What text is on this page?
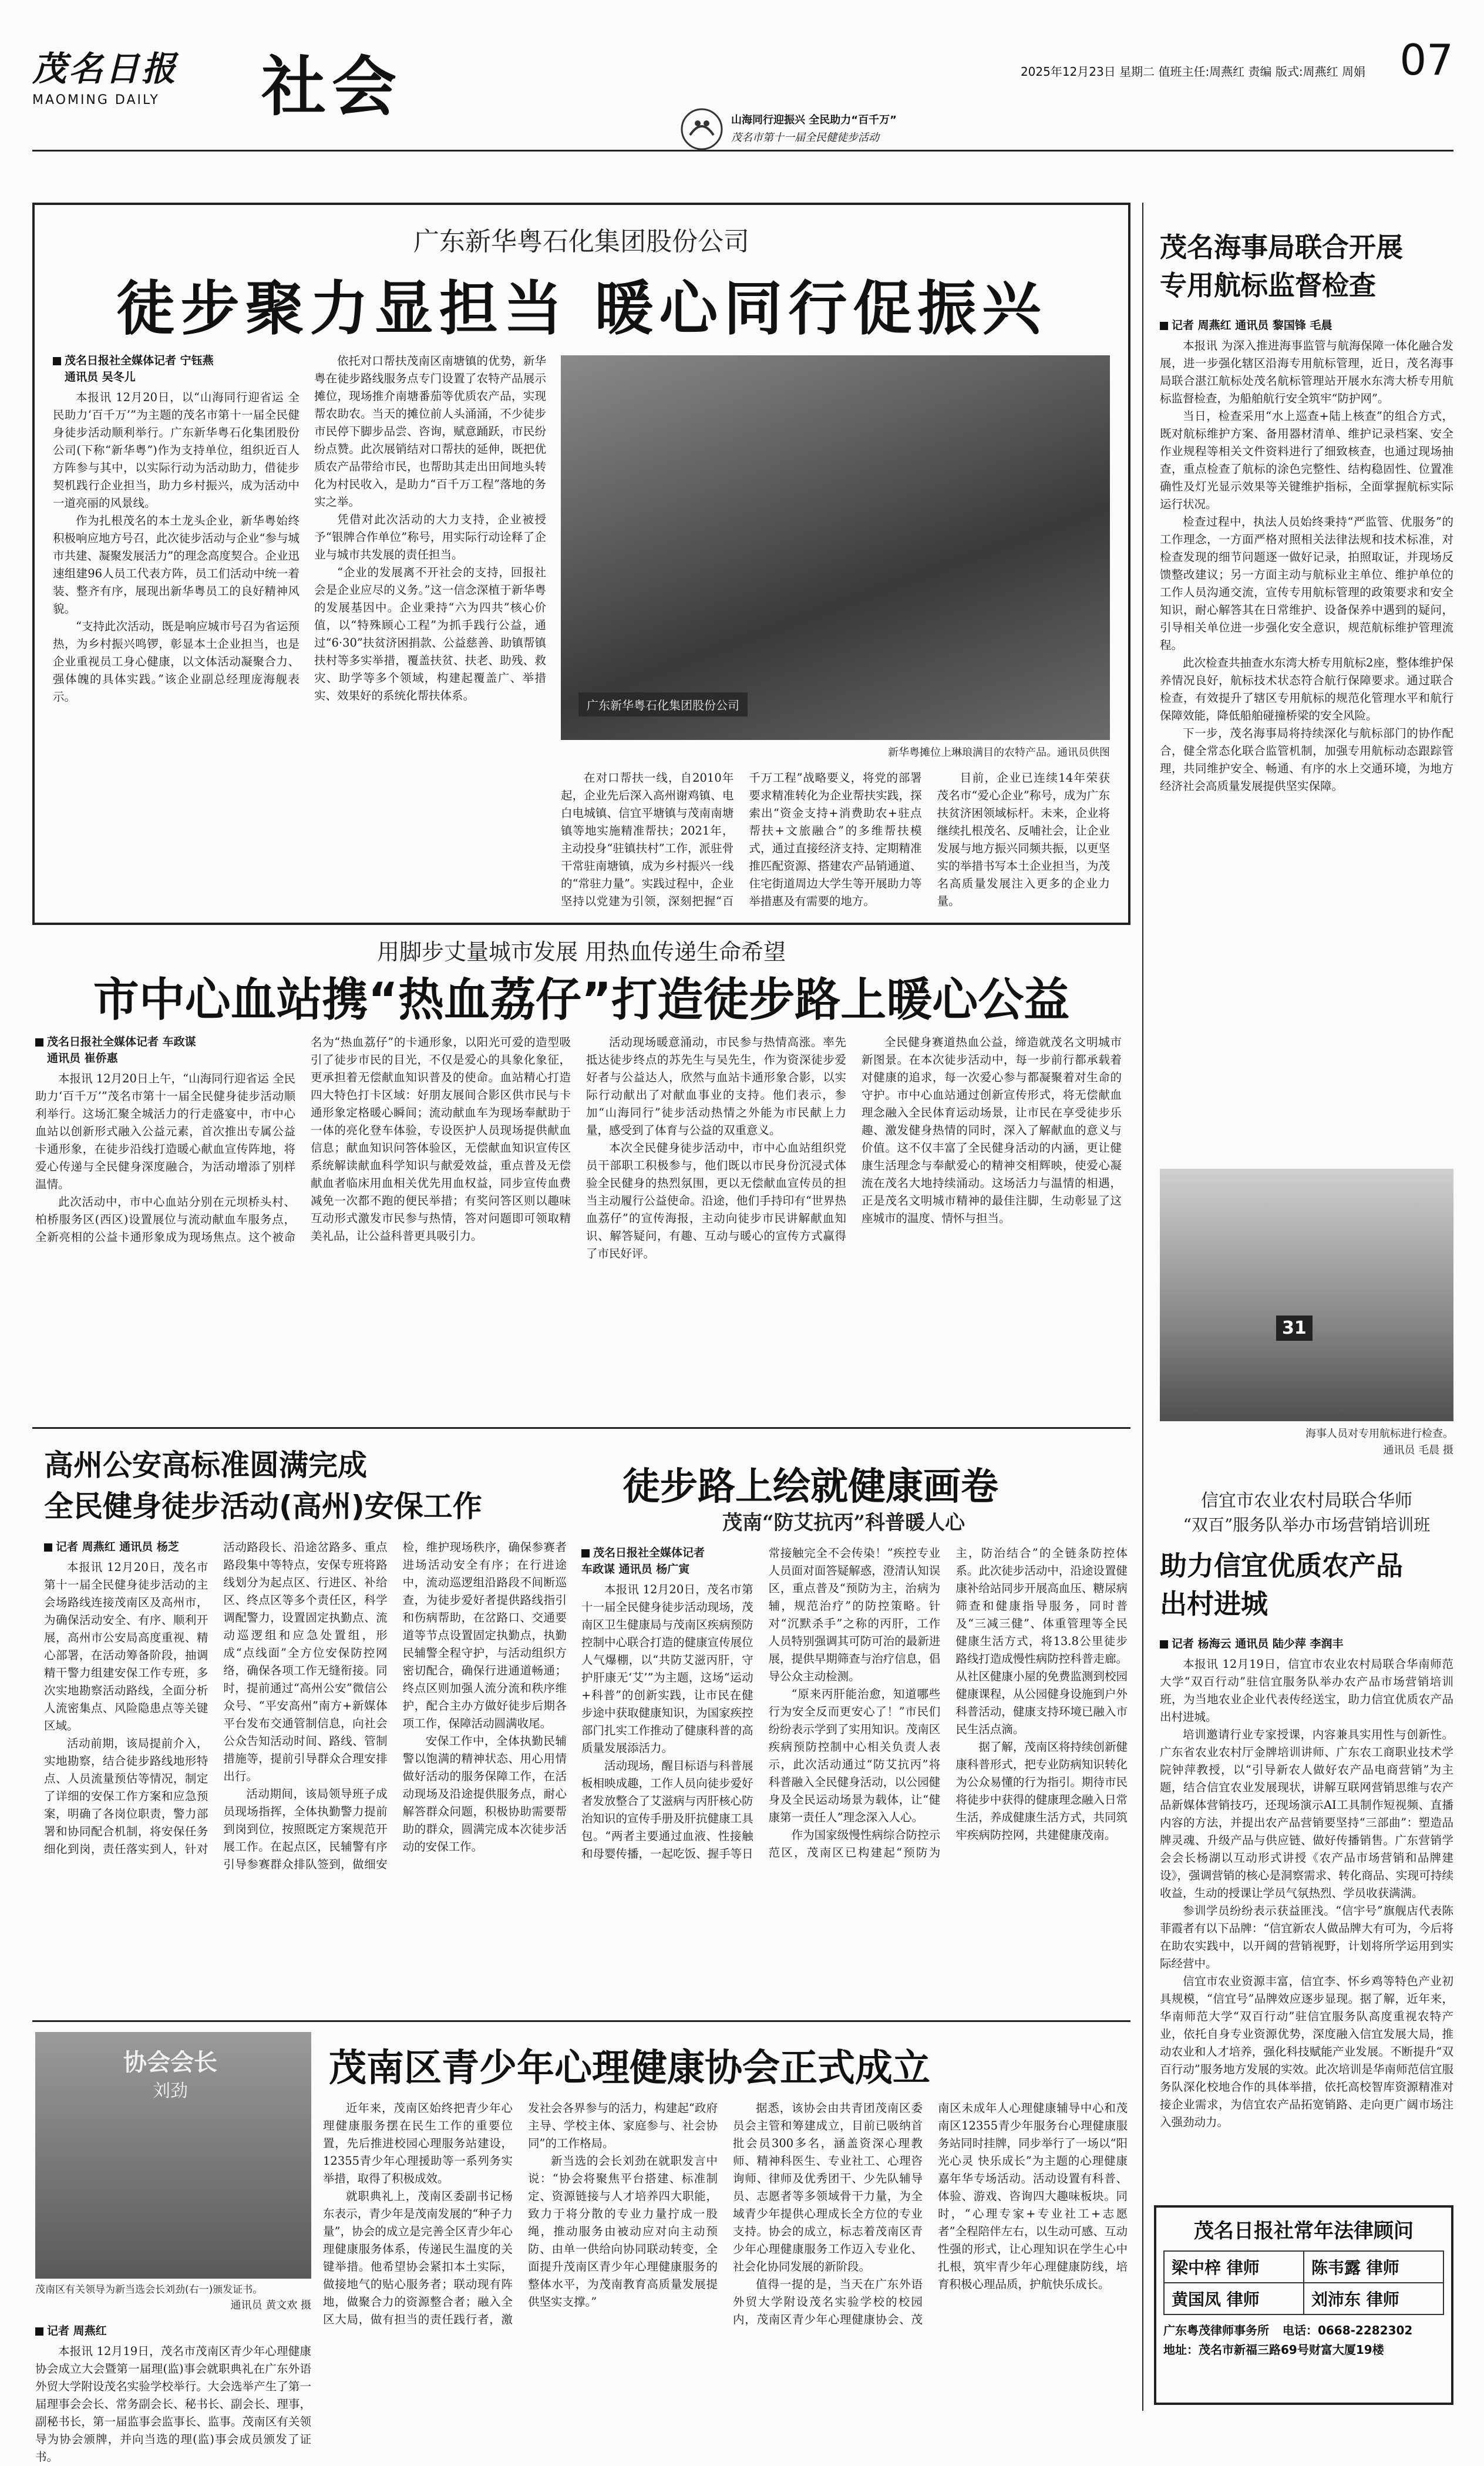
茂名日报
MAOMING DAILY	社会	2025年12月23日 星期二 值班主任:周燕红 责编 版式:周燕红 周娟 07
山海同行迎振兴 全民助力“百千万”
茂名市第十一届全民健徒步活动
广东新华粤石化集团股份公司
徒步聚力显担当 暖心同行促振兴
茂名日报社全媒体记者 宁钰燕
通讯员 吴冬儿

本报讯 12月20日，以“山海同行迎省运 全民助力‘百千万’”为主题的茂名市第十一届全民健身徒步活动顺利举行。广东新华粤石化集团股份公司(下称“新华粤”)作为支持单位，组织近百人方阵参与其中，以实际行动为活动助力，借徒步契机践行企业担当，助力乡村振兴，成为活动中一道亮丽的风景线。

作为扎根茂名的本土龙头企业，新华粤始终积极响应地方号召，此次徒步活动与企业“参与城市共建、凝聚发展活力”的理念高度契合。企业迅速组建96人员工代表方阵，员工们活动中统一着装、整齐有序，展现出新华粤员工的良好精神风貌。

“支持此次活动，既是响应城市号召为省运预热，为乡村振兴鸣锣，彰显本土企业担当，也是企业重视员工身心健康，以文体活动凝聚合力、强体魄的具体实践。”该企业副总经理庞海舰表示。

依托对口帮扶茂南区南塘镇的优势，新华粤在徒步路线服务点专门设置了农特产品展示摊位，现场推介南塘番茄等优质农产品，实现帮农助农。当天的摊位前人头涌涌，不少徒步市民停下脚步品尝、咨询，赋意踊跃，市民纷纷点赞。此次展销结对口帮扶的延伸，既把优质农产品带给市民，也帮助其走出田间地头转化为村民收入，是助力“百千万工程”落地的务实之举。

凭借对此次活动的大力支持，企业被授予“银牌合作单位”称号，用实际行动诠释了企业与城市共发展的责任担当。

“企业的发展离不开社会的支持，回报社会是企业应尽的义务。”这一信念深植于新华粤的发展基因中。企业秉持“六为四共”核心价值，以“特殊顾心工程”为抓手践行公益，通过“6·30”扶贫济困捐款、公益慈善、助镇帮镇扶村等多实举措，覆盖扶贫、扶老、助残、救灾、助学等多个领域，构建起覆盖广、举措实、效果好的系统化帮扶体系。

广东新华粤石化集团股份公司
新华粤摊位上琳琅满目的农特产品。通讯员供图

在对口帮扶一线，自2010年起，企业先后深入高州谢鸡镇、电白电城镇、信宜平塘镇与茂南南塘镇等地实施精准帮扶；2021年，主动投身“驻镇扶村”工作，派驻骨干常驻南塘镇，成为乡村振兴一线的“常驻力量”。实践过程中，企业坚持以党建为引领，深刻把握“百千万工程”战略要义，将党的部署要求精准转化为企业帮扶实践，探索出“资金支持+消费助农+驻点帮扶+文旅融合”的多维帮扶模式，通过直接经济支持、定期精准推匹配资源、搭建农产品销通道、住宅街道周边大学生等开展助力等举措惠及有需要的地方。

目前，企业已连续14年荣获茂名市“爱心企业”称号，成为广东扶贫济困领域标杆。未来，企业将继续扎根茂名、反哺社会，让企业发展与地方振兴同频共振，以更坚实的举措书写本土企业担当，为茂名高质量发展注入更多的企业力量。

用脚步丈量城市发展 用热血传递生命希望
市中心血站携“热血荔仔”打造徒步路上暖心公益
茂名日报社全媒体记者 车政谋
通讯员 崔侨惠

本报讯 12月20日上午，“山海同行迎省运 全民助力‘百千万’”茂名市第十一届全民健身徒步活动顺利举行。这场汇聚全城活力的行走盛宴中，市中心血站以创新形式融入公益元素，首次推出专属公益卡通形象，在徒步沿线打造暖心献血宣传阵地，将爱心传递与全民健身深度融合，为活动增添了别样温情。

此次活动中，市中心血站分别在元坝桥头村、柏桥服务区(西区)设置展位与流动献血车服务点，全新亮相的公益卡通形象成为现场焦点。这个被命名为“热血荔仔”的卡通形象，以阳光可爱的造型吸引了徒步市民的目光，不仅是爱心的具象化象征，更承担着无偿献血知识普及的使命。血站精心打造四大特色打卡区域：好朋友展间合影区供市民与卡通形象定格暖心瞬间；流动献血车为现场奉献助于一体的亮化登车体验，专设医护人员现场提供献血信息；献血知识问答体验区，无偿献血知识宣传区系统解读献血科学知识与献爱效益，重点普及无偿献血者临床用血相关优先用血权益，同步宣传血费减免一次都不跑的便民举措；有奖问答区则以趣味互动形式激发市民参与热情，答对问题即可领取精美礼品，让公益科普更具吸引力。

活动现场暖意涌动，市民参与热情高涨。率先抵达徒步终点的苏先生与吴先生，作为资深徒步爱好者与公益达人，欣然与血站卡通形象合影，以实际行动献出了对献血事业的支持。他们表示，参加“山海同行”徒步活动热情之外能为市民献上力量，感受到了体育与公益的双重意义。

本次全民健身徒步活动中，市中心血站组织党员干部职工积极参与，他们既以市民身份沉浸式体验全民健身的热烈氛围，更以无偿献血宣传员的担当主动履行公益使命。沿途，他们手持印有“世界热血荔仔”的宣传海报，主动向徒步市民讲解献血知识、解答疑问，有趣、互动与暖心的宣传方式赢得了市民好评。

全民健身赛道热血公益，缔造就茂名文明城市新图景。在本次徒步活动中，每一步前行都承载着对健康的追求，每一次爱心参与都凝聚着对生命的守护。市中心血站通过创新宣传形式，将无偿献血理念融入全民体育运动场景，让市民在享受徒步乐趣、激发健身热情的同时，深入了解献血的意义与价值。这不仅丰富了全民健身活动的内涵，更让健康生活理念与奉献爱心的精神交相辉映，使爱心凝流在茂名大地持续涌动。这场活力与温情的相遇，正是茂名文明城市精神的最佳注脚，生动彰显了这座城市的温度、情怀与担当。

高州公安高标准圆满完成
全民健身徒步活动(高州)安保工作
记者 周燕红 通讯员 杨芝

本报讯 12月20日，茂名市第十一届全民健身徒步活动的主会场路线连接茂南区及高州市，为确保活动安全、有序、顺利开展，高州市公安局高度重视、精心部署，在活动筹备阶段，抽调精干警力组建安保工作专班，多次实地勘察活动路线，全面分析人流密集点、风险隐患点等关键区域。

活动前期，该局提前介入，实地勘察，结合徒步路线地形特点、人员流量预估等情况，制定了详细的安保工作方案和应急预案，明确了各岗位职责，警力部署和协同配合机制，将安保任务细化到岗，责任落实到人，针对活动路段长、沿途岔路多、重点路段集中等特点，安保专班将路线划分为起点区、行进区、补给区、终点区等多个责任区，科学调配警力，设置固定执勤点、流动巡逻组和应急处置组，形成“点线面”全方位安保防控网络，确保各项工作无缝衔接。同时，提前通过“高州公安”微信公众号、“平安高州”南方+新媒体平台发布交通管制信息，向社会公众告知活动时间、路线、管制措施等，提前引导群众合理安排出行。

活动期间，该局领导班子成员现场指挥，全体执勤警力提前到岗到位，按照既定方案规范开展工作。在起点区，民辅警有序引导参赛群众排队签到，做细安检，维护现场秩序，确保参赛者进场活动安全有序；在行进途中，流动巡逻组沿路段不间断巡查，为徒步爱好者提供路线指引和伤病帮助，在岔路口、交通要道等节点设置固定执勤点，执勤民辅警全程守护，与活动组织方密切配合，确保行进通道畅通；终点区则加强人流分流和秩序维护，配合主办方做好徒步后期各项工作，保障活动圆满收尾。

安保工作中，全体执勤民辅警以饱满的精神状态、用心用情做好活动的服务保障工作，在活动现场及沿途提供服务点，耐心解答群众问题，积极协助需要帮助的群众，圆满完成本次徒步活动的安保工作。

徒步路上绘就健康画卷
茂南“防艾抗丙”科普暖人心
茂名日报社全媒体记者
车政谋 通讯员 杨广寅

本报讯 12月20日，茂名市第十一届全民健身徒步活动现场，茂南区卫生健康局与茂南区疾病预防控制中心联合打造的健康宣传展位人气爆棚，以“共防艾滋丙肝，守护肝康无‘艾’”为主题，这场“运动+科普”的创新实践，让市民在健步途中获取健康知识，为国家疾控部门扎实工作推动了健康科普的高质量发展添活力。

活动现场，醒目标语与科普展板相映成趣，工作人员向徒步爱好者发放整合了艾滋病与丙肝核心防治知识的宣传手册及肝抗健康工具包。“两者主要通过血液、性接触和母婴传播，一起吃饭、握手等日常接触完全不会传染！”疾控专业人员面对面答疑解惑，澄清认知误区，重点普及“预防为主，治病为辅，规范治疗”的防控策略。针对“沉默杀手”之称的丙肝，工作人员特别强调其可防可治的最新进展，提供早期筛查与治疗信息，倡导公众主动检测。

“原来丙肝能治愈，知道哪些行为安全反而更安心了！”市民们纷纷表示学到了实用知识。茂南区疾病预防控制中心相关负责人表示，此次活动通过“防艾抗丙”将科普融入全民健身活动，以公园健身及全民运动场景为载体，让“健康第一责任人”理念深入人心。

作为国家级慢性病综合防控示范区，茂南区已构建起“预防为主，防治结合”的全链条防控体系。此次徒步活动中，沿途设置健康补给站同步开展高血压、糖尿病筛查和健康指导服务，同时普及“三减三健”、体重管理等全民健康生活方式，将13.8公里徒步路线打造成慢性病防控科普走廊。从社区健康小屋的免费监测到校园健康课程，从公园健身设施到户外科普活动，健康支持环境已融入市民生活点滴。

据了解，茂南区将持续创新健康科普形式，把专业防病知识转化为公众易懂的行为指引。期待市民将徒步中获得的健康理念融入日常生活，养成健康生活方式，共同筑牢疾病防控网，共建健康茂南。

协会会长
刘劲
茂南区有关领导为新当选会长刘劲(右一)颁发证书。
通讯员 黄文欢 摄
茂南区青少年心理健康协会正式成立
记者 周燕红

本报讯 12月19日，茂名市茂南区青少年心理健康协会成立大会暨第一届理(监)事会就职典礼在广东外语外贸大学附设茂名实验学校举行。大会选举产生了第一届理事会会长、常务副会长、秘书长、副会长、理事，副秘书长，第一届监事会监事长、监事。茂南区有关领导为协会颁牌，并向当选的理(监)事会成员颁发了证书。

近年来，茂南区始终把青少年心理健康服务摆在民生工作的重要位置，先后推进校园心理服务站建设，12355青少年心理援助等一系列务实举措，取得了积极成效。

就职典礼上，茂南区委副书记杨东表示，青少年是茂南发展的“种子力量”，协会的成立是完善全区青少年心理健康服务体系，传递民生温度的关键举措。他希望协会紧扣本土实际，做接地气的贴心服务者；联动现有阵地，做聚合力的资源整合者；融入全区大局，做有担当的责任践行者，激发社会各界参与的活力，构建起“政府主导、学校主体、家庭参与、社会协同”的工作格局。

新当选的会长刘劲在就职发言中说：“协会将聚焦平台搭建、标准制定、资源链接与人才培养四大职能，致力于将分散的专业力量拧成一股绳，推动服务由被动应对向主动预防、由单一供给向协同联动转变，全面提升茂南区青少年心理健康服务的整体水平，为茂南教育高质量发展提供坚实支撑。”

据悉，该协会由共青团茂南区委员会主管和筹建成立，目前已吸纳首批会员300多名，涵盖资深心理教师、精神科医生、专业社工、心理咨询师、律师及优秀团干、少先队辅导员、志愿者等多领域骨干力量，为全域青少年提供心理成长全方位的专业支持。协会的成立，标志着茂南区青少年心理健康服务工作迈入专业化、社会化协同发展的新阶段。

值得一提的是，当天在广东外语外贸大学附设茂名实验学校的校园内，茂南区青少年心理健康协会、茂南区未成年人心理健康辅导中心和茂南区12355青少年服务台心理健康服务站同时挂牌，同步举行了一场以“阳光心灵 快乐成长”为主题的心理健康嘉年华专场活动。活动设置有科普、体验、游戏、咨询四大趣味板块。同时，“心理专家+专业社工+志愿者”全程陪伴左右，以生动可感、互动性强的形式，让心理知识在学生心中扎根，筑牢青少年心理健康防线，培育积极心理品质，护航快乐成长。

茂名海事局联合开展
专用航标监督检查
记者 周燕红 通讯员 黎国锋 毛晨

本报讯 为深入推进海事监管与航海保障一体化融合发展，进一步强化辖区沿海专用航标管理，近日，茂名海事局联合湛江航标处茂名航标管理站开展水东湾大桥专用航标监督检查，为船舶航行安全筑牢“防护网”。

当日，检查采用“水上巡查+陆上核查”的组合方式，既对航标维护方案、备用器材清单、维护记录档案、安全作业规程等相关文件资料进行了细致核查，也通过现场抽查，重点检查了航标的涂色完整性、结构稳固性、位置准确性及灯光显示效果等关键维护指标，全面掌握航标实际运行状况。

检查过程中，执法人员始终秉持“严监管、优服务”的工作理念，一方面严格对照相关法律法规和技术标准，对检查发现的细节问题逐一做好记录，拍照取证，并现场反馈整改建议；另一方面主动与航标业主单位、维护单位的工作人员沟通交流，宣传专用航标管理的政策要求和安全知识，耐心解答其在日常维护、设备保养中遇到的疑问，引导相关单位进一步强化安全意识，规范航标维护管理流程。

此次检查共抽查水东湾大桥专用航标2座，整体维护保养情况良好，航标技术状态符合航行保障要求。通过联合检查，有效提升了辖区专用航标的规范化管理水平和航行保障效能，降低船舶碰撞桥梁的安全风险。

下一步，茂名海事局将持续深化与航标部门的协作配合，健全常态化联合监管机制，加强专用航标动态跟踪管理，共同维护安全、畅通、有序的水上交通环境，为地方经济社会高质量发展提供坚实保障。

31
海事人员对专用航标进行检查。
通讯员 毛晨 摄
信宜市农业农村局联合华师
“双百”服务队举办市场营销培训班
助力信宜优质农产品
出村进城
记者 杨海云 通讯员 陆少萍 李润丰

本报讯 12月19日，信宜市农业农村局联合华南师范大学“双百行动”驻信宜服务队举办农产品市场营销培训班，为当地农业企业代表传经送宝，助力信宜优质农产品出村进城。

培训邀请行业专家授课，内容兼具实用性与创新性。广东省农业农村厅金牌培训讲师、广东农工商职业技术学院钟萍教授，以“引导新农人做好农产品电商营销”为主题，结合信宜农业发展现状，讲解互联网营销思维与农产品新媒体营销技巧，还现场演示AI工具制作短视频、直播内容的方法，并提出农产品营销要坚持“三部曲”：塑造品牌灵魂、升级产品与供应链、做好传播销售。广东营销学会会长杨湖以互动形式讲授《农产品市场营销和品牌建设》，强调营销的核心是洞察需求、转化商品、实现可持续收益，生动的授课让学员气氛热烈、学员收获满满。

参训学员纷纷表示获益匪浅。“信宇号”旗舰店代表陈菲霞者有以下品牌：“信宜新农人做品牌大有可为，今后将在助农实践中，以开阔的营销视野，计划将所学运用到实际经营中。

信宜市农业资源丰富，信宜李、怀乡鸡等特色产业初具规模，“信宜号”品牌效应逐步显现。据了解，近年来，华南师范大学“双百行动”驻信宜服务队高度重视农特产业，依托自身专业资源优势，深度融入信宜发展大局，推动农业和人才培养，强化科技赋能产业发展。不断提升“双百行动”服务地方发展的实效。此次培训是华南师范信宜服务队深化校地合作的具体举措，依托高校智库资源精准对接企业需求，为信宜农产品拓宽销路、走向更广阔市场注入强劲动力。

茂名日报社常年法律顾问
梁中梓 律师	陈韦露 律师
黄国凤 律师	刘沛东 律师
广东粤茂律师事务所 电话：0668-2282302
地址：茂名市新福三路69号财富大厦19楼
